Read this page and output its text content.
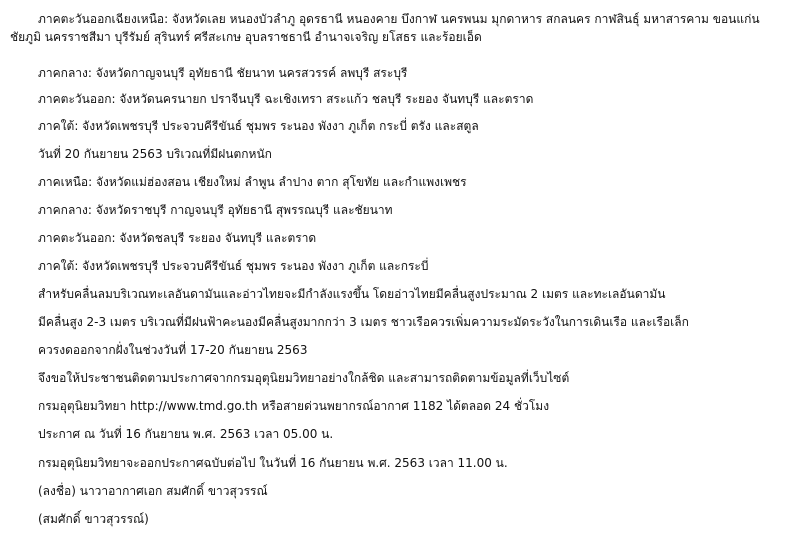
ภาคตะวันออกเฉียงเหนือ: จังหวัดเลย หนองบัวลำภู อุดรธานี หนองคาย บึงกาฬ นครพนม มุกดาหาร สกลนคร กาฬสินธุ์ มหาสารคาม ขอนแก่น ชัยภูมิ นครราชสีมา บุรีรัมย์ สุรินทร์ ศรีสะเกษ อุบลราชธานี อำนาจเจริญ ยโสธร และร้อยเอ็ด

ภาคกลาง: จังหวัดกาญจนบุรี อุทัยธานี ชัยนาท นครสวรรค์ ลพบุรี สระบุรี

ภาคตะวันออก: จังหวัดนครนายก ปราจีนบุรี ฉะเชิงเทรา สระแก้ว ชลบุรี ระยอง จันทบุรี และตราด

ภาคใต้: จังหวัดเพชรบุรี ประจวบคีรีขันธ์ ชุมพร ระนอง พังงา ภูเก็ต กระบี่ ตรัง และสตูล

วันที่ 20 กันยายน 2563 บริเวณที่มีฝนตกหนัก

ภาคเหนือ: จังหวัดแม่ฮ่องสอน เชียงใหม่ ลำพูน ลำปาง ตาก สุโขทัย และกำแพงเพชร

ภาคกลาง: จังหวัดราชบุรี กาญจนบุรี อุทัยธานี สุพรรณบุรี และชัยนาท

ภาคตะวันออก: จังหวัดชลบุรี ระยอง จันทบุรี และตราด

ภาคใต้: จังหวัดเพชรบุรี ประจวบคีรีขันธ์ ชุมพร ระนอง พังงา ภูเก็ต และกระบี่

สำหรับคลื่นลมบริเวณทะเลอันดามันและอ่าวไทยจะมีกำลังแรงขึ้น โดยอ่าวไทยมีคลื่นสูงประมาณ 2 เมตร และทะเลอันดามัน

มีคลื่นสูง 2-3 เมตร บริเวณที่มีฝนฟ้าคะนองมีคลื่นสูงมากกว่า 3 เมตร ชาวเรือควรเพิ่มความระมัดระวังในการเดินเรือ และเรือเล็ก

ควรงดออกจากฝั่งในช่วงวันที่ 17-20 กันยายน 2563

จึงขอให้ประชาชนติดตามประกาศจากกรมอุตุนิยมวิทยาอย่างใกล้ชิด และสามารถติดตามข้อมูลที่เว็บไซต์

กรมอุตุนิยมวิทยา http://www.tmd.go.th หรือสายด่วนพยากรณ์อากาศ 1182 ได้ตลอด 24 ชั่วโมง

ประกาศ ณ วันที่ 16 กันยายน พ.ศ. 2563 เวลา 05.00 น.

กรมอุตุนิยมวิทยาจะออกประกาศฉบับต่อไป ในวันที่ 16 กันยายน พ.ศ. 2563 เวลา 11.00 น.

(ลงชื่อ) นาวาอากาศเอก สมศักดิ์ ขาวสุวรรณ์

(สมศักดิ์ ขาวสุวรรณ์)
